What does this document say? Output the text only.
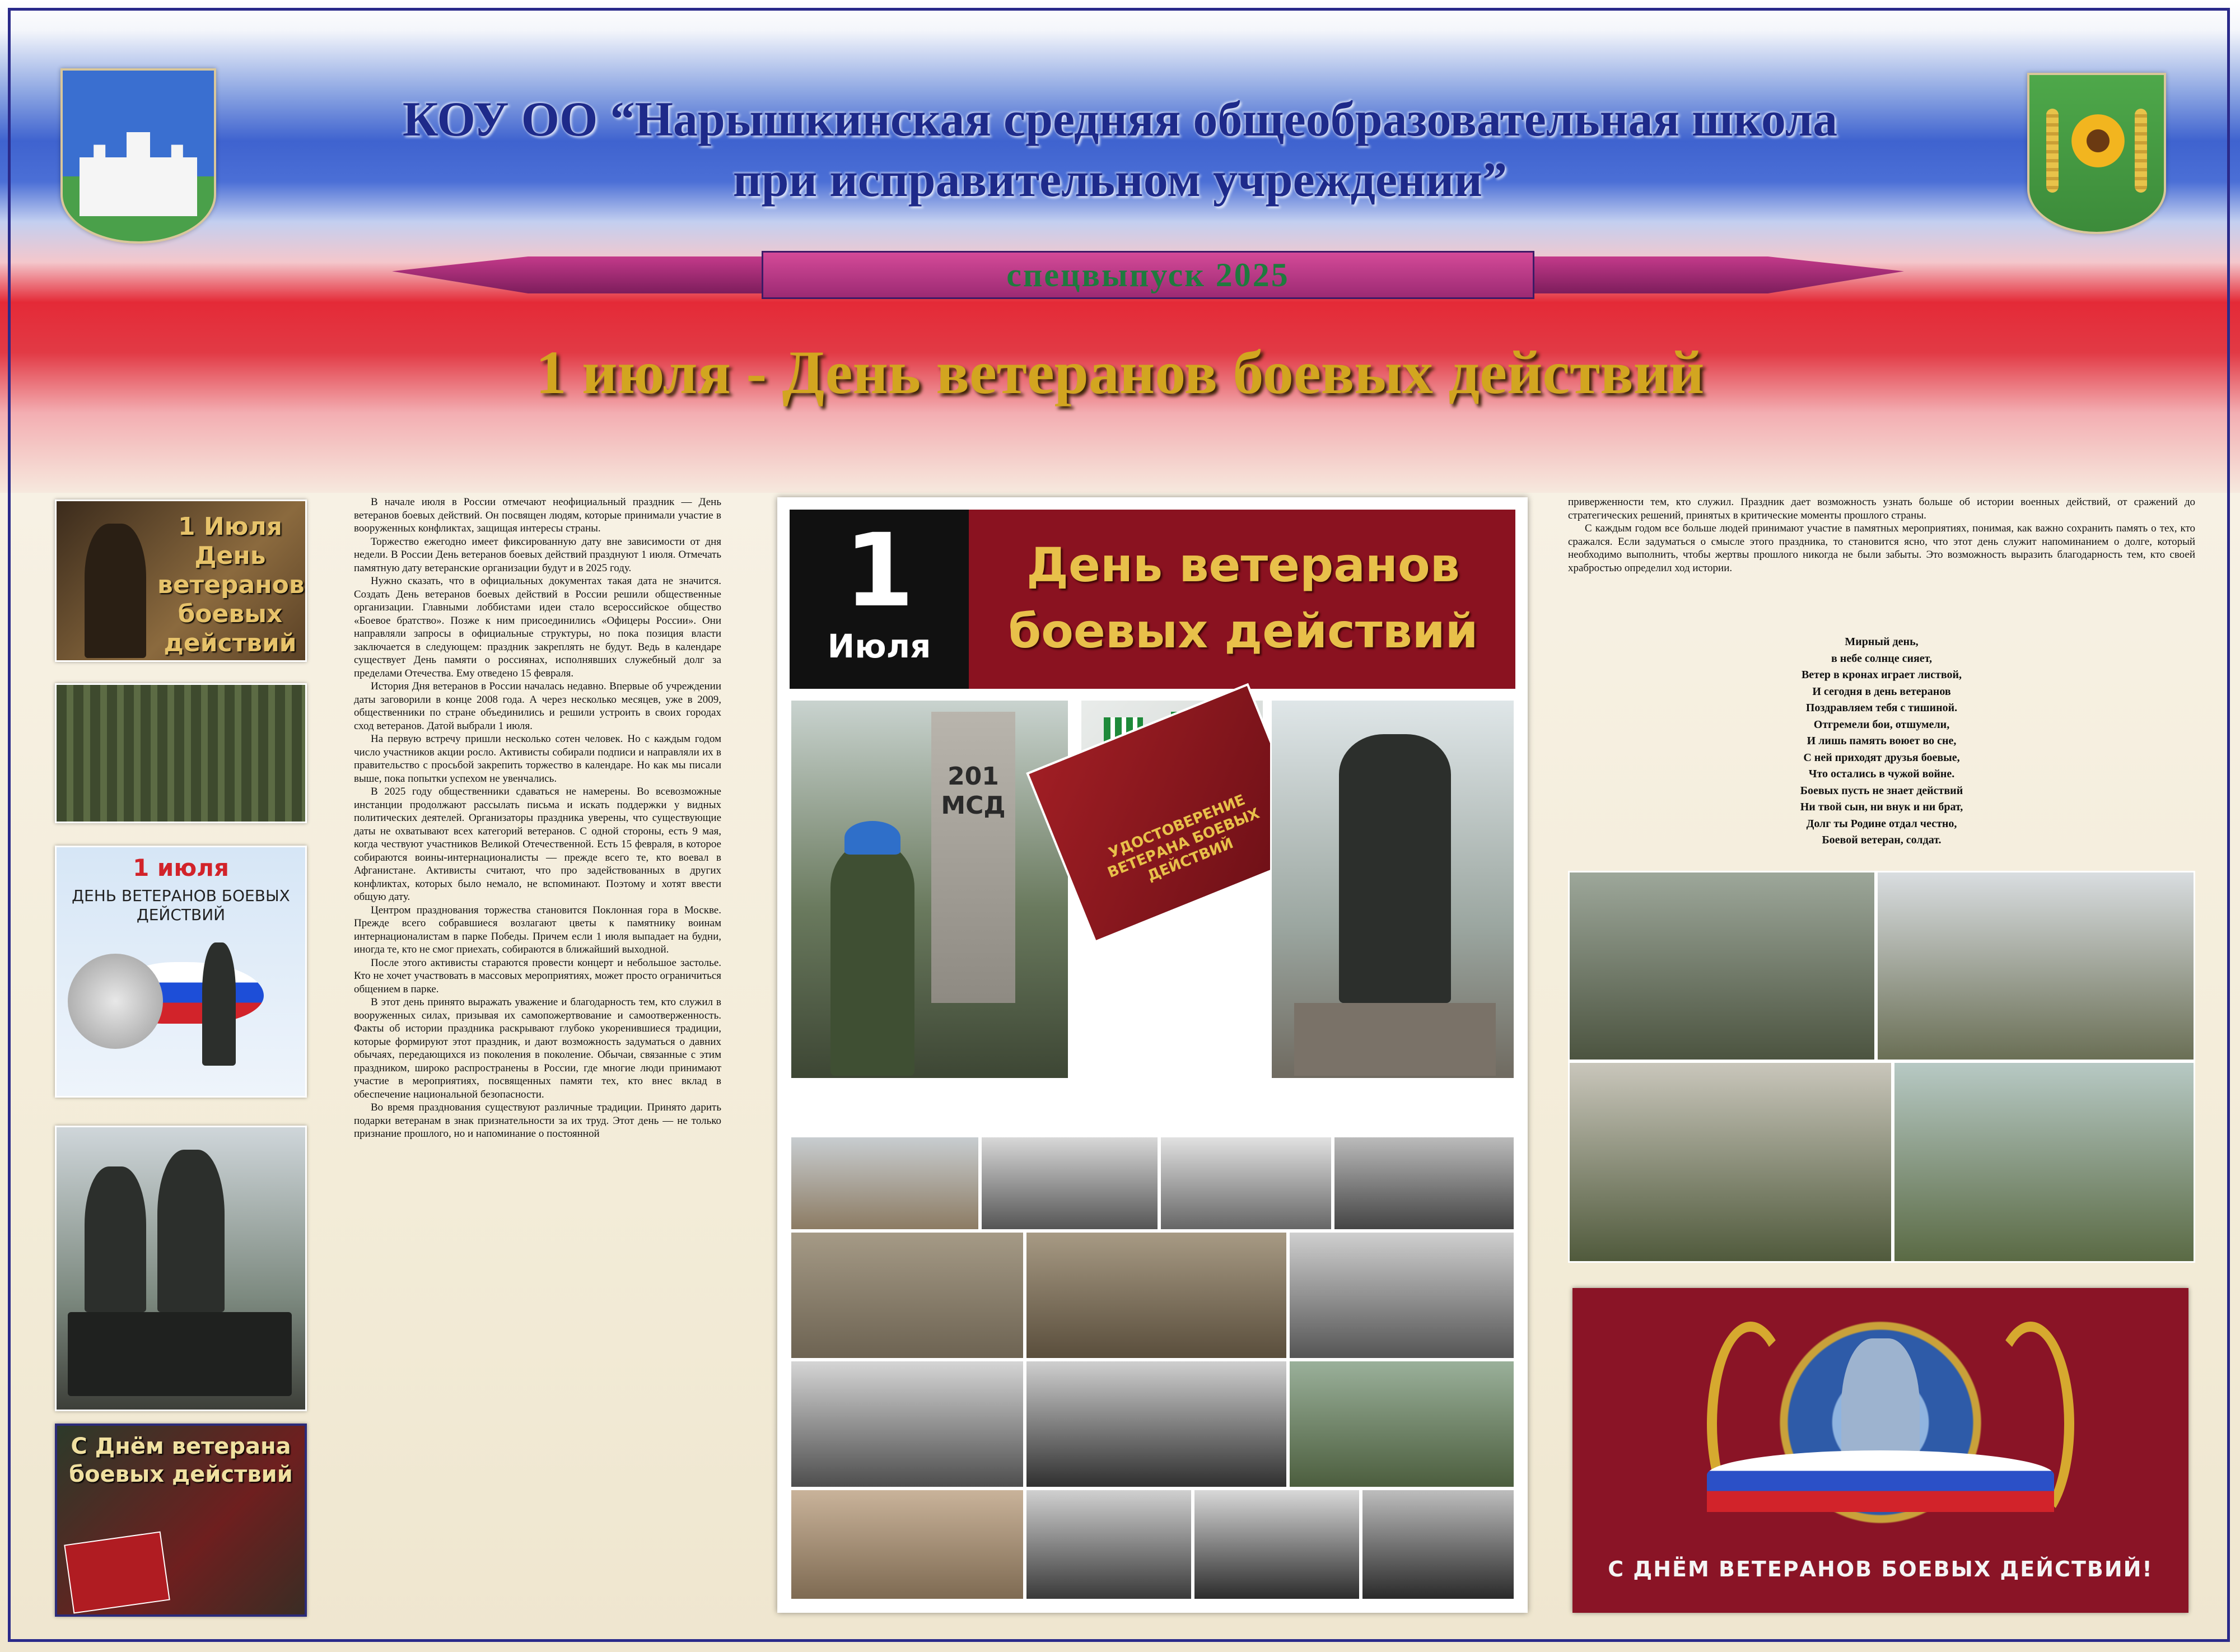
КОУ ОО “Нарышкинская средняя общеобразовательная школа
при исправительном учреждении”
спецвыпуск 2025
1 июля - День ветеранов боевых действий
1 Июля День ветеранов боевых действий
1 июля
ДЕНЬ ВЕТЕРАНОВ БОЕВЫХ ДЕЙСТВИЙ
С Днём ветерана боевых действий

В начале июля в России отмечают неофициальный праздник — День ветеранов боевых действий. Он посвящен людям, которые принимали участие в вооруженных конфликтах, защищая интересы страны.

Торжество ежегодно имеет фиксированную дату вне зависимости от дня недели. В России День ветеранов боевых действий празднуют 1 июля. Отмечать памятную дату ветеранские организации будут и в 2025 году.

Нужно сказать, что в официальных документах такая дата не значится. Создать День ветеранов боевых действий в России решили общественные организации. Главными лоббистами идеи стало всероссийское общество «Боевое братство». Позже к ним присоединились «Офицеры России». Они направляли запросы в официальные структуры, но пока позиция власти заключается в следующем: праздник закреплять не будут. Ведь в календаре существует День памяти о россиянах, исполнявших служебный долг за пределами Отечества. Ему отведено 15 февраля.

История Дня ветеранов в России началась недавно. Впервые об учреждении даты заговорили в конце 2008 года. А через несколько месяцев, уже в 2009, общественники по стране объединились и решили устроить в своих городах сход ветеранов. Датой выбрали 1 июля.

На первую встречу пришли несколько сотен человек. Но с каждым годом число участников акции росло. Активисты собирали подписи и направляли их в правительство с просьбой закрепить торжество в календаре. Но как мы писали выше, пока попытки успехом не увенчались.

В 2025 году общественники сдаваться не намерены. Во всевозможные инстанции продолжают рассылать письма и искать поддержки у видных политических деятелей. Организаторы праздника уверены, что существующие даты не охватывают всех категорий ветеранов. С одной стороны, есть 9 мая, когда чествуют участников Великой Отечественной. Есть 15 февраля, в которое собираются воины-интернационалисты — прежде всего те, кто воевал в Афганистане. Активисты считают, что про задействованных в других конфликтах, которых было немало, не вспоминают. Поэтому и хотят ввести общую дату.

Центром празднования торжества становится Поклонная гора в Москве. Прежде всего собравшиеся возлагают цветы к памятнику воинам интернационалистам в парке Победы. Причем если 1 июля выпадает на будни, иногда те, кто не смог приехать, собираются в ближайший выходной.

После этого активисты стараются провести концерт и небольшое застолье. Кто не хочет участвовать в массовых мероприятиях, может просто ограничиться общением в парке.

В этот день принято выражать уважение и благодарность тем, кто служил в вооруженных силах, призывая их самопожертвование и самоотверженность. Факты об истории праздника раскрывают глубоко укоренившиеся традиции, которые формируют этот праздник, и дают возможность задуматься о давних обычаях, передающихся из поколения в поколение. Обычаи, связанные с этим праздником, широко распространены в России, где многие люди принимают участие в мероприятиях, посвященных памяти тех, кто внес вклад в обеспечение национальной безопасности.

Во время празднования существуют различные традиции. Принято дарить подарки ветеранам в знак признательности за их труд. Этот день — не только признание прошлого, но и напоминание о постоянной

1
Июля
День ветеранов
боевых действий
201 МСД	УДОСТОВЕРЕНИЕ ВЕТЕРАНА БОЕВЫХ ДЕЙСТВИЙ

приверженности тем, кто служил. Праздник дает возможность узнать больше об истории военных действий, от сражений до стратегических решений, принятых в критические моменты прошлого страны.

С каждым годом все больше людей принимают участие в памятных мероприятиях, понимая, как важно сохранить память о тех, кто сражался. Если задуматься о смысле этого праздника, то становится ясно, что этот день служит напоминанием о долге, который необходимо выполнить, чтобы жертвы прошлого никогда не были забыты. Это возможность выразить благодарность тем, кто своей храбростью определил ход истории.

Мирный день,
в небе солнце сияет,
Ветер в кронах играет листвой,
И сегодня в день ветеранов
Поздравляем тебя с тишиной.
Отгремели бои, отшумели,
И лишь память воюет во сне,
С ней приходят друзья боевые,
Что остались в чужой войне.
Боевых пусть не знает действий
Ни твой сын, ни внук и ни брат,
Долг ты Родине отдал честно,
Боевой ветеран, солдат.
С ДНЁМ ВЕТЕРАНОВ БОЕВЫХ ДЕЙСТВИЙ!
